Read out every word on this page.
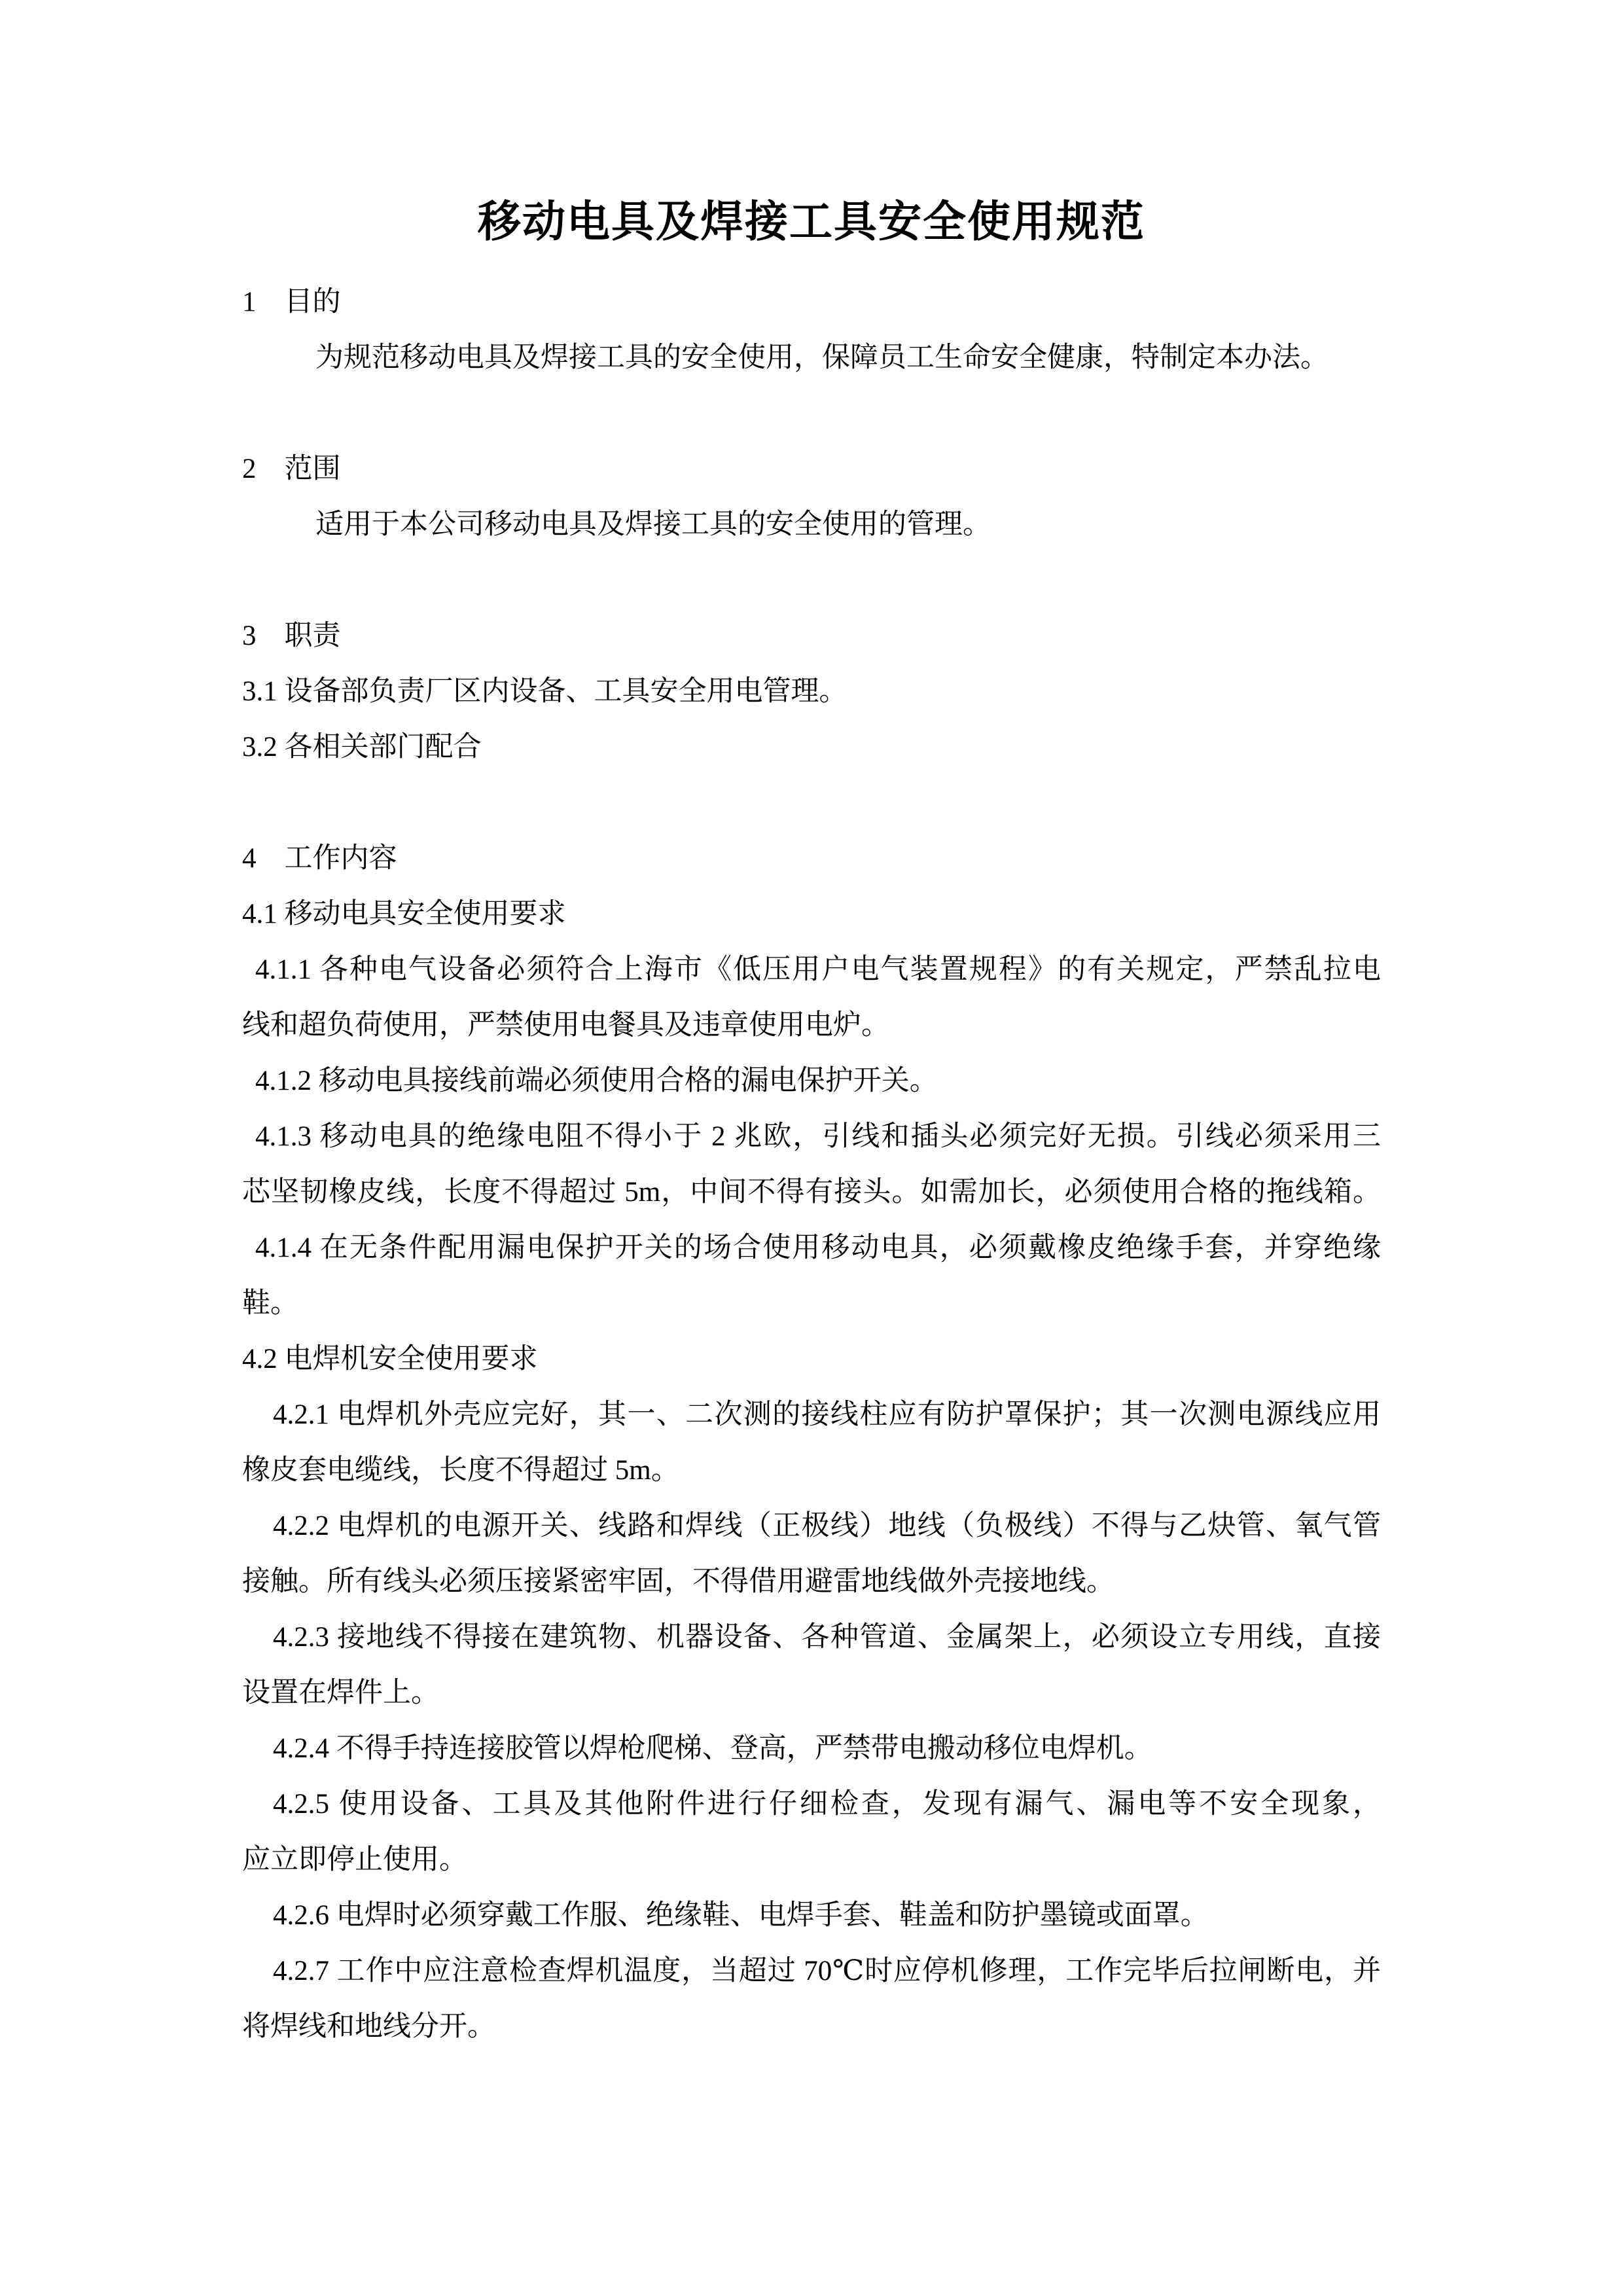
移动电具及焊接工具安全使用规范
1　目的
为规范移动电具及焊接工具的安全使用，保障员工生命安全健康，特制定本办法。
2　范围
适用于本公司移动电具及焊接工具的安全使用的管理。
3　职责
3.1 设备部负责厂区内设备、工具安全用电管理。
3.2 各相关部门配合
4　工作内容
4.1 移动电具安全使用要求
4.1.1 各种电气设备必须符合上海市《低压用户电气装置规程》的有关规定，严禁乱拉电
线和超负荷使用，严禁使用电餐具及违章使用电炉。
4.1.2 移动电具接线前端必须使用合格的漏电保护开关。
4.1.3 移动电具的绝缘电阻不得小于 2 兆欧，引线和插头必须完好无损。引线必须采用三
芯坚韧橡皮线，长度不得超过 5m，中间不得有接头。如需加长，必须使用合格的拖线箱。
4.1.4 在无条件配用漏电保护开关的场合使用移动电具，必须戴橡皮绝缘手套，并穿绝缘
鞋。
4.2 电焊机安全使用要求
4.2.1 电焊机外壳应完好，其一、二次测的接线柱应有防护罩保护；其一次测电源线应用
橡皮套电缆线，长度不得超过 5m。
4.2.2 电焊机的电源开关、线路和焊线（正极线）地线（负极线）不得与乙炔管、氧气管
接触。所有线头必须压接紧密牢固，不得借用避雷地线做外壳接地线。
4.2.3 接地线不得接在建筑物、机器设备、各种管道、金属架上，必须设立专用线，直接
设置在焊件上。
4.2.4 不得手持连接胶管以焊枪爬梯、登高，严禁带电搬动移位电焊机。
4.2.5 使用设备、工具及其他附件进行仔细检查，发现有漏气、漏电等不安全现象，
应立即停止使用。
4.2.6 电焊时必须穿戴工作服、绝缘鞋、电焊手套、鞋盖和防护墨镜或面罩。
4.2.7 工作中应注意检查焊机温度，当超过 70℃时应停机修理，工作完毕后拉闸断电，并
将焊线和地线分开。
